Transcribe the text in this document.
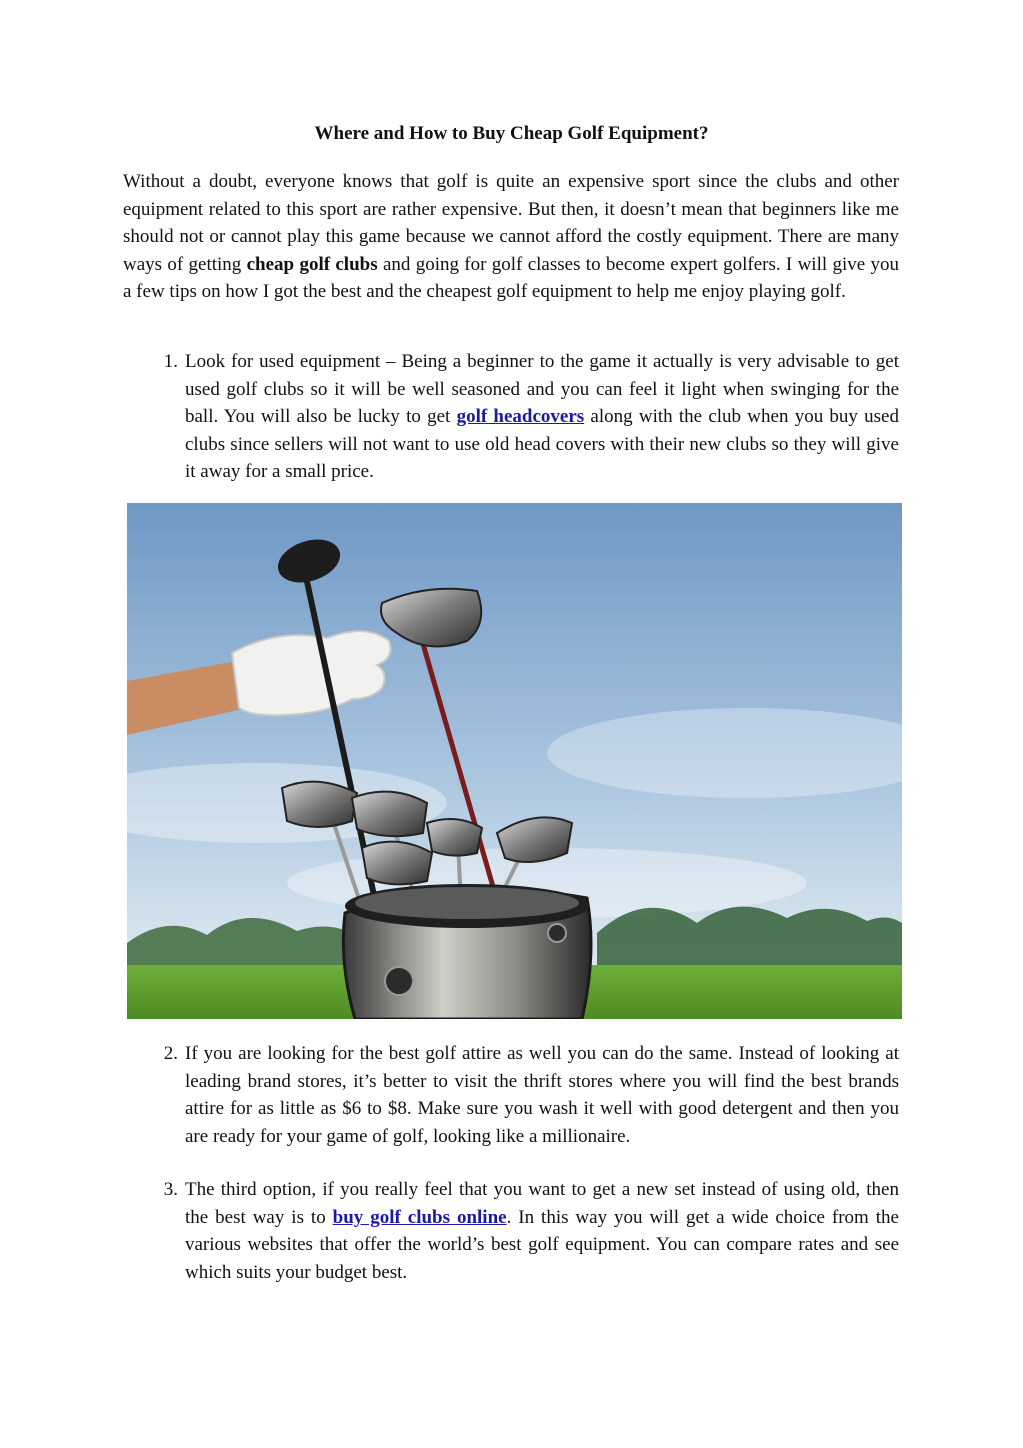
Where and How to Buy Cheap Golf Equipment?

Without a doubt, everyone knows that golf is quite an expensive sport since the clubs and other equipment related to this sport are rather expensive. But then, it doesn’t mean that beginners like me should not or cannot play this game because we cannot afford the costly equipment. There are many ways of getting cheap golf clubs and going for golf classes to become expert golfers. I will give you a few tips on how I got the best and the cheapest golf equipment to help me enjoy playing golf.

1. Look for used equipment – Being a beginner to the game it actually is very advisable to get used golf clubs so it will be well seasoned and you can feel it light when swinging for the ball. You will also be lucky to get golf headcovers along with the club when you buy used clubs since sellers will not want to use old head covers with their new clubs so they will give it away for a small price.

2. If you are looking for the best golf attire as well you can do the same. Instead of looking at leading brand stores, it’s better to visit the thrift stores where you will find the best brands attire for as little as $6 to $8. Make sure you wash it well with good detergent and then you are ready for your game of golf, looking like a millionaire.

3. The third option, if you really feel that you want to get a new set instead of using old, then the best way is to buy golf clubs online. In this way you will get a wide choice from the various websites that offer the world’s best golf equipment. You can compare rates and see which suits your budget best.
